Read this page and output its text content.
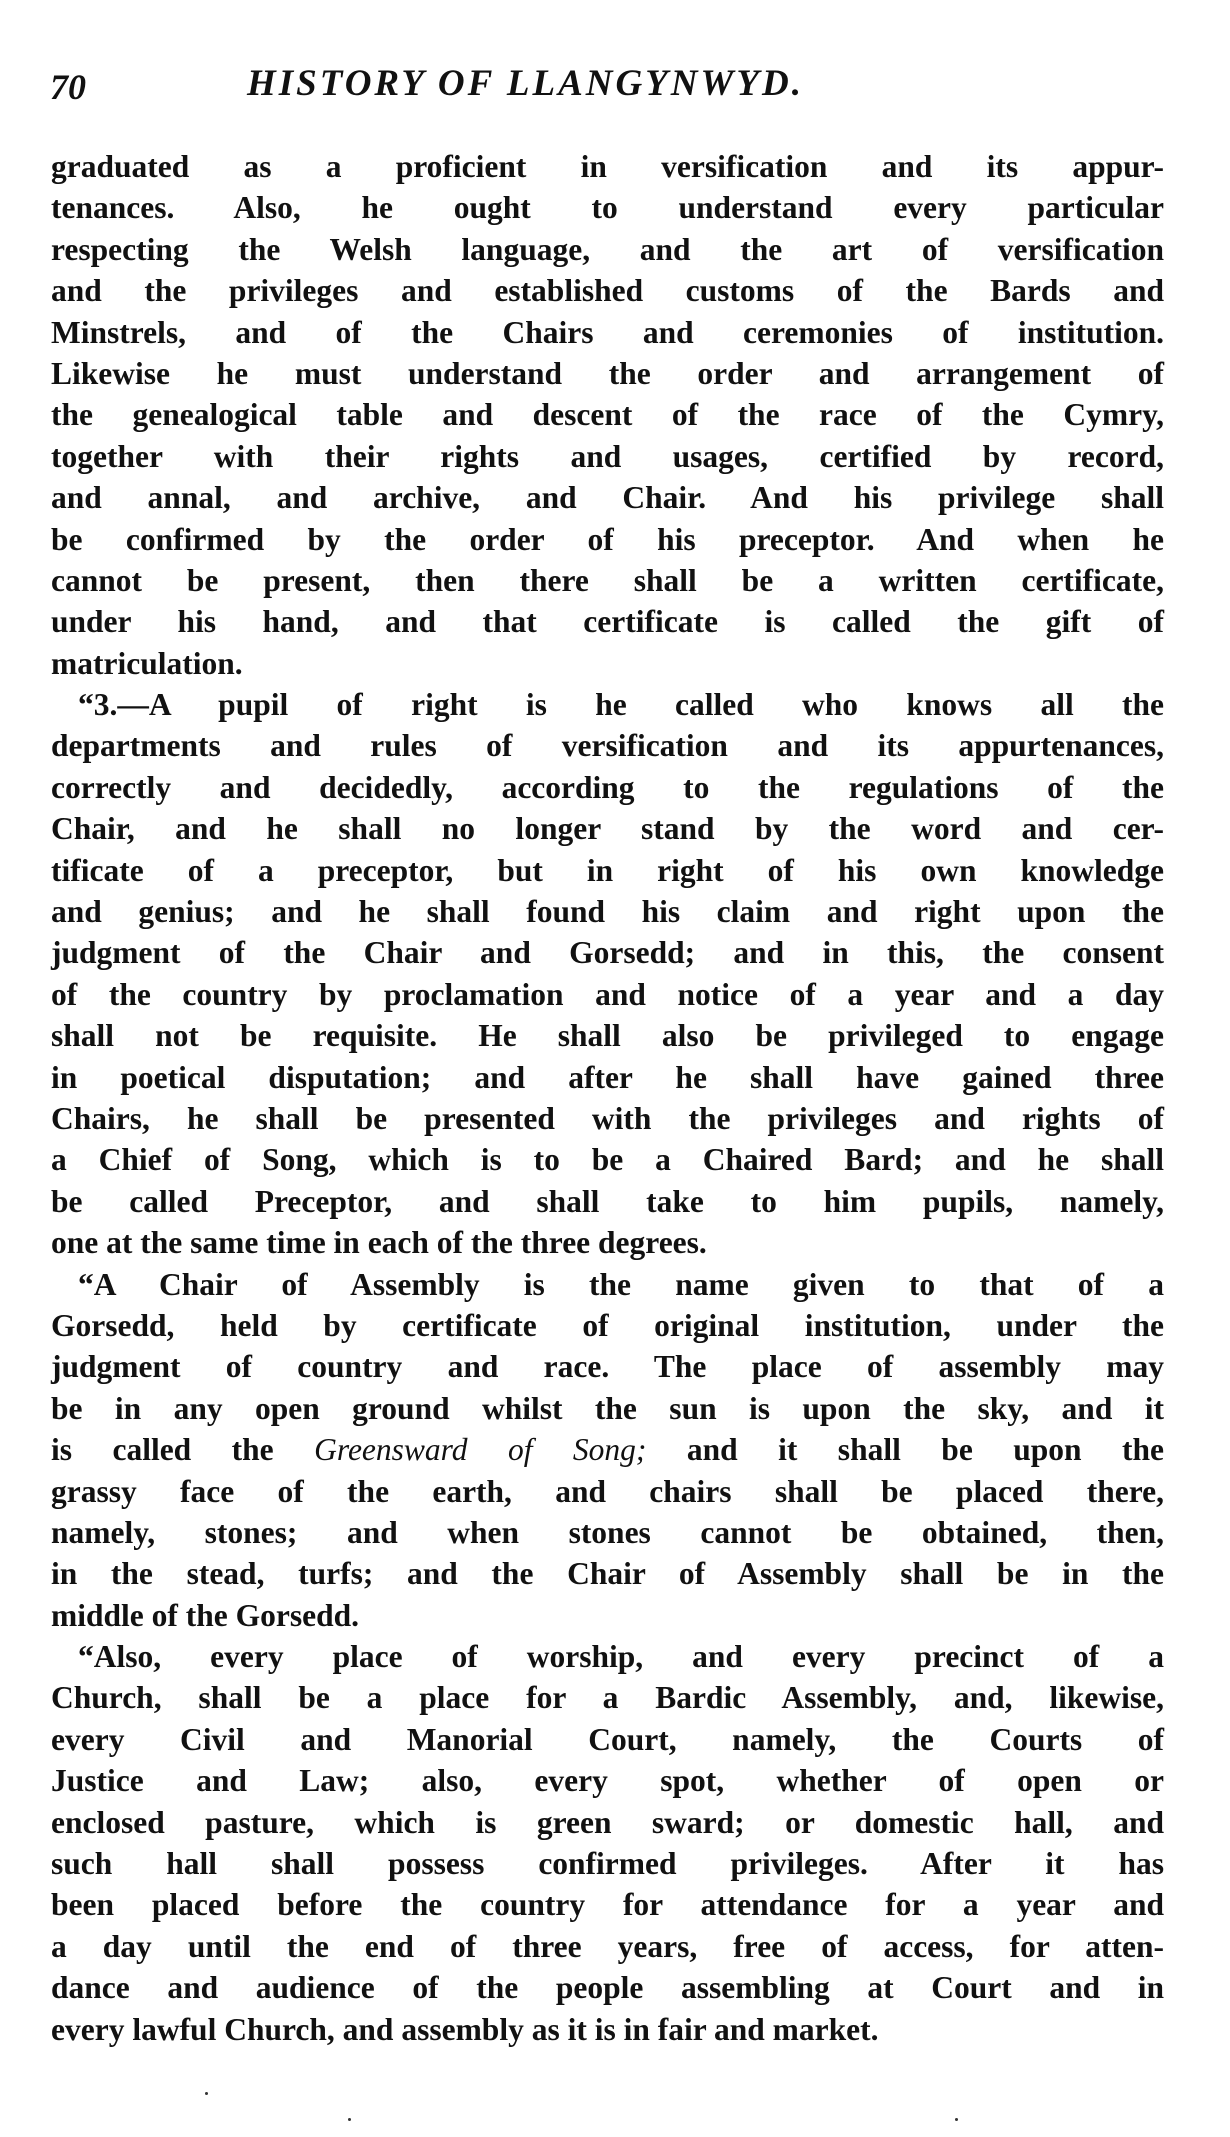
70	HISTORY OF LLANGYNWYD.
graduated as a proficient in versification and its appur-
tenances. Also, he ought to understand every particular
respecting the Welsh language, and the art of versification
and the privileges and established customs of the Bards and
Minstrels, and of the Chairs and ceremonies of institution.
Likewise he must understand the order and arrangement of
the genealogical table and descent of the race of the Cymry,
together with their rights and usages, certified by record,
and annal, and archive, and Chair. And his privilege shall
be confirmed by the order of his preceptor. And when he
cannot be present, then there shall be a written certificate,
under his hand, and that certificate is called the gift of
matriculation.
“3.—A pupil of right is he called who knows all the
departments and rules of versification and its appurtenances,
correctly and decidedly, according to the regulations of the
Chair, and he shall no longer stand by the word and cer-
tificate of a preceptor, but in right of his own knowledge
and genius; and he shall found his claim and right upon the
judgment of the Chair and Gorsedd; and in this, the consent
of the country by proclamation and notice of a year and a day
shall not be requisite. He shall also be privileged to engage
in poetical disputation; and after he shall have gained three
Chairs, he shall be presented with the privileges and rights of
a Chief of Song, which is to be a Chaired Bard; and he shall
be called Preceptor, and shall take to him pupils, namely,
one at the same time in each of the three degrees.
“A Chair of Assembly is the name given to that of a
Gorsedd, held by certificate of original institution, under the
judgment of country and race. The place of assembly may
be in any open ground whilst the sun is upon the sky, and it
is called the Greensward of Song; and it shall be upon the
grassy face of the earth, and chairs shall be placed there,
namely, stones; and when stones cannot be obtained, then,
in the stead, turfs; and the Chair of Assembly shall be in the
middle of the Gorsedd.
“Also, every place of worship, and every precinct of a
Church, shall be a place for a Bardic Assembly, and, likewise,
every Civil and Manorial Court, namely, the Courts of
Justice and Law; also, every spot, whether of open or
enclosed pasture, which is green sward; or domestic hall, and
such hall shall possess confirmed privileges. After it has
been placed before the country for attendance for a year and
a day until the end of three years, free of access, for atten-
dance and audience of the people assembling at Court and in
every lawful Church, and assembly as it is in fair and market.
